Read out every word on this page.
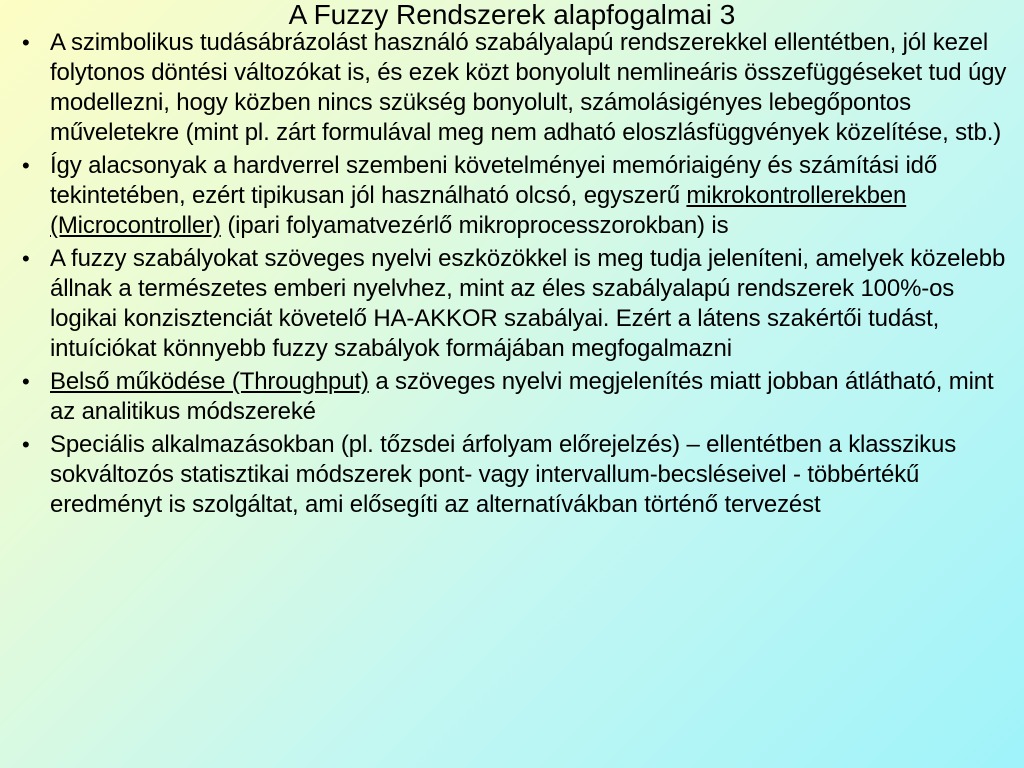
A Fuzzy Rendszerek alapfogalmai 3
• A szimbolikus tudásábrázolást használó szabályalapú rendszerekkel ellentétben, jól kezel folytonos döntési változókat is, és ezek közt bonyolult nemlineáris összefüggéseket tud úgy modellezni, hogy közben nincs szükség bonyolult, számolásigényes lebegőpontos műveletekre (mint pl. zárt formulával meg nem adható eloszlásfüggvények közelítése, stb.)
• Így alacsonyak a hardverrel szembeni követelményei memóriaigény és számítási idő tekintetében, ezért tipikusan jól használható olcsó, egyszerű mikrokontrollerekben (Microcontroller) (ipari folyamatvezérlő mikroprocesszorokban) is
• A fuzzy szabályokat szöveges nyelvi eszközökkel is meg tudja jeleníteni, amelyek közelebb állnak a természetes emberi nyelvhez, mint az éles szabályalapú rendszerek 100%-os logikai konzisztenciát követelő HA-AKKOR szabályai. Ezért a látens szakértői tudást, intuíciókat könnyebb fuzzy szabályok formájában megfogalmazni
• Belső működése (Throughput) a szöveges nyelvi megjelenítés miatt jobban átlátható, mint az analitikus módszereké
• Speciális alkalmazásokban (pl. tőzsdei árfolyam előrejelzés) – ellentétben a klasszikus sokváltozós statisztikai módszerek pont- vagy intervallum-becsléseivel - többértékű eredményt is szolgáltat, ami elősegíti az alternatívákban történő tervezést
